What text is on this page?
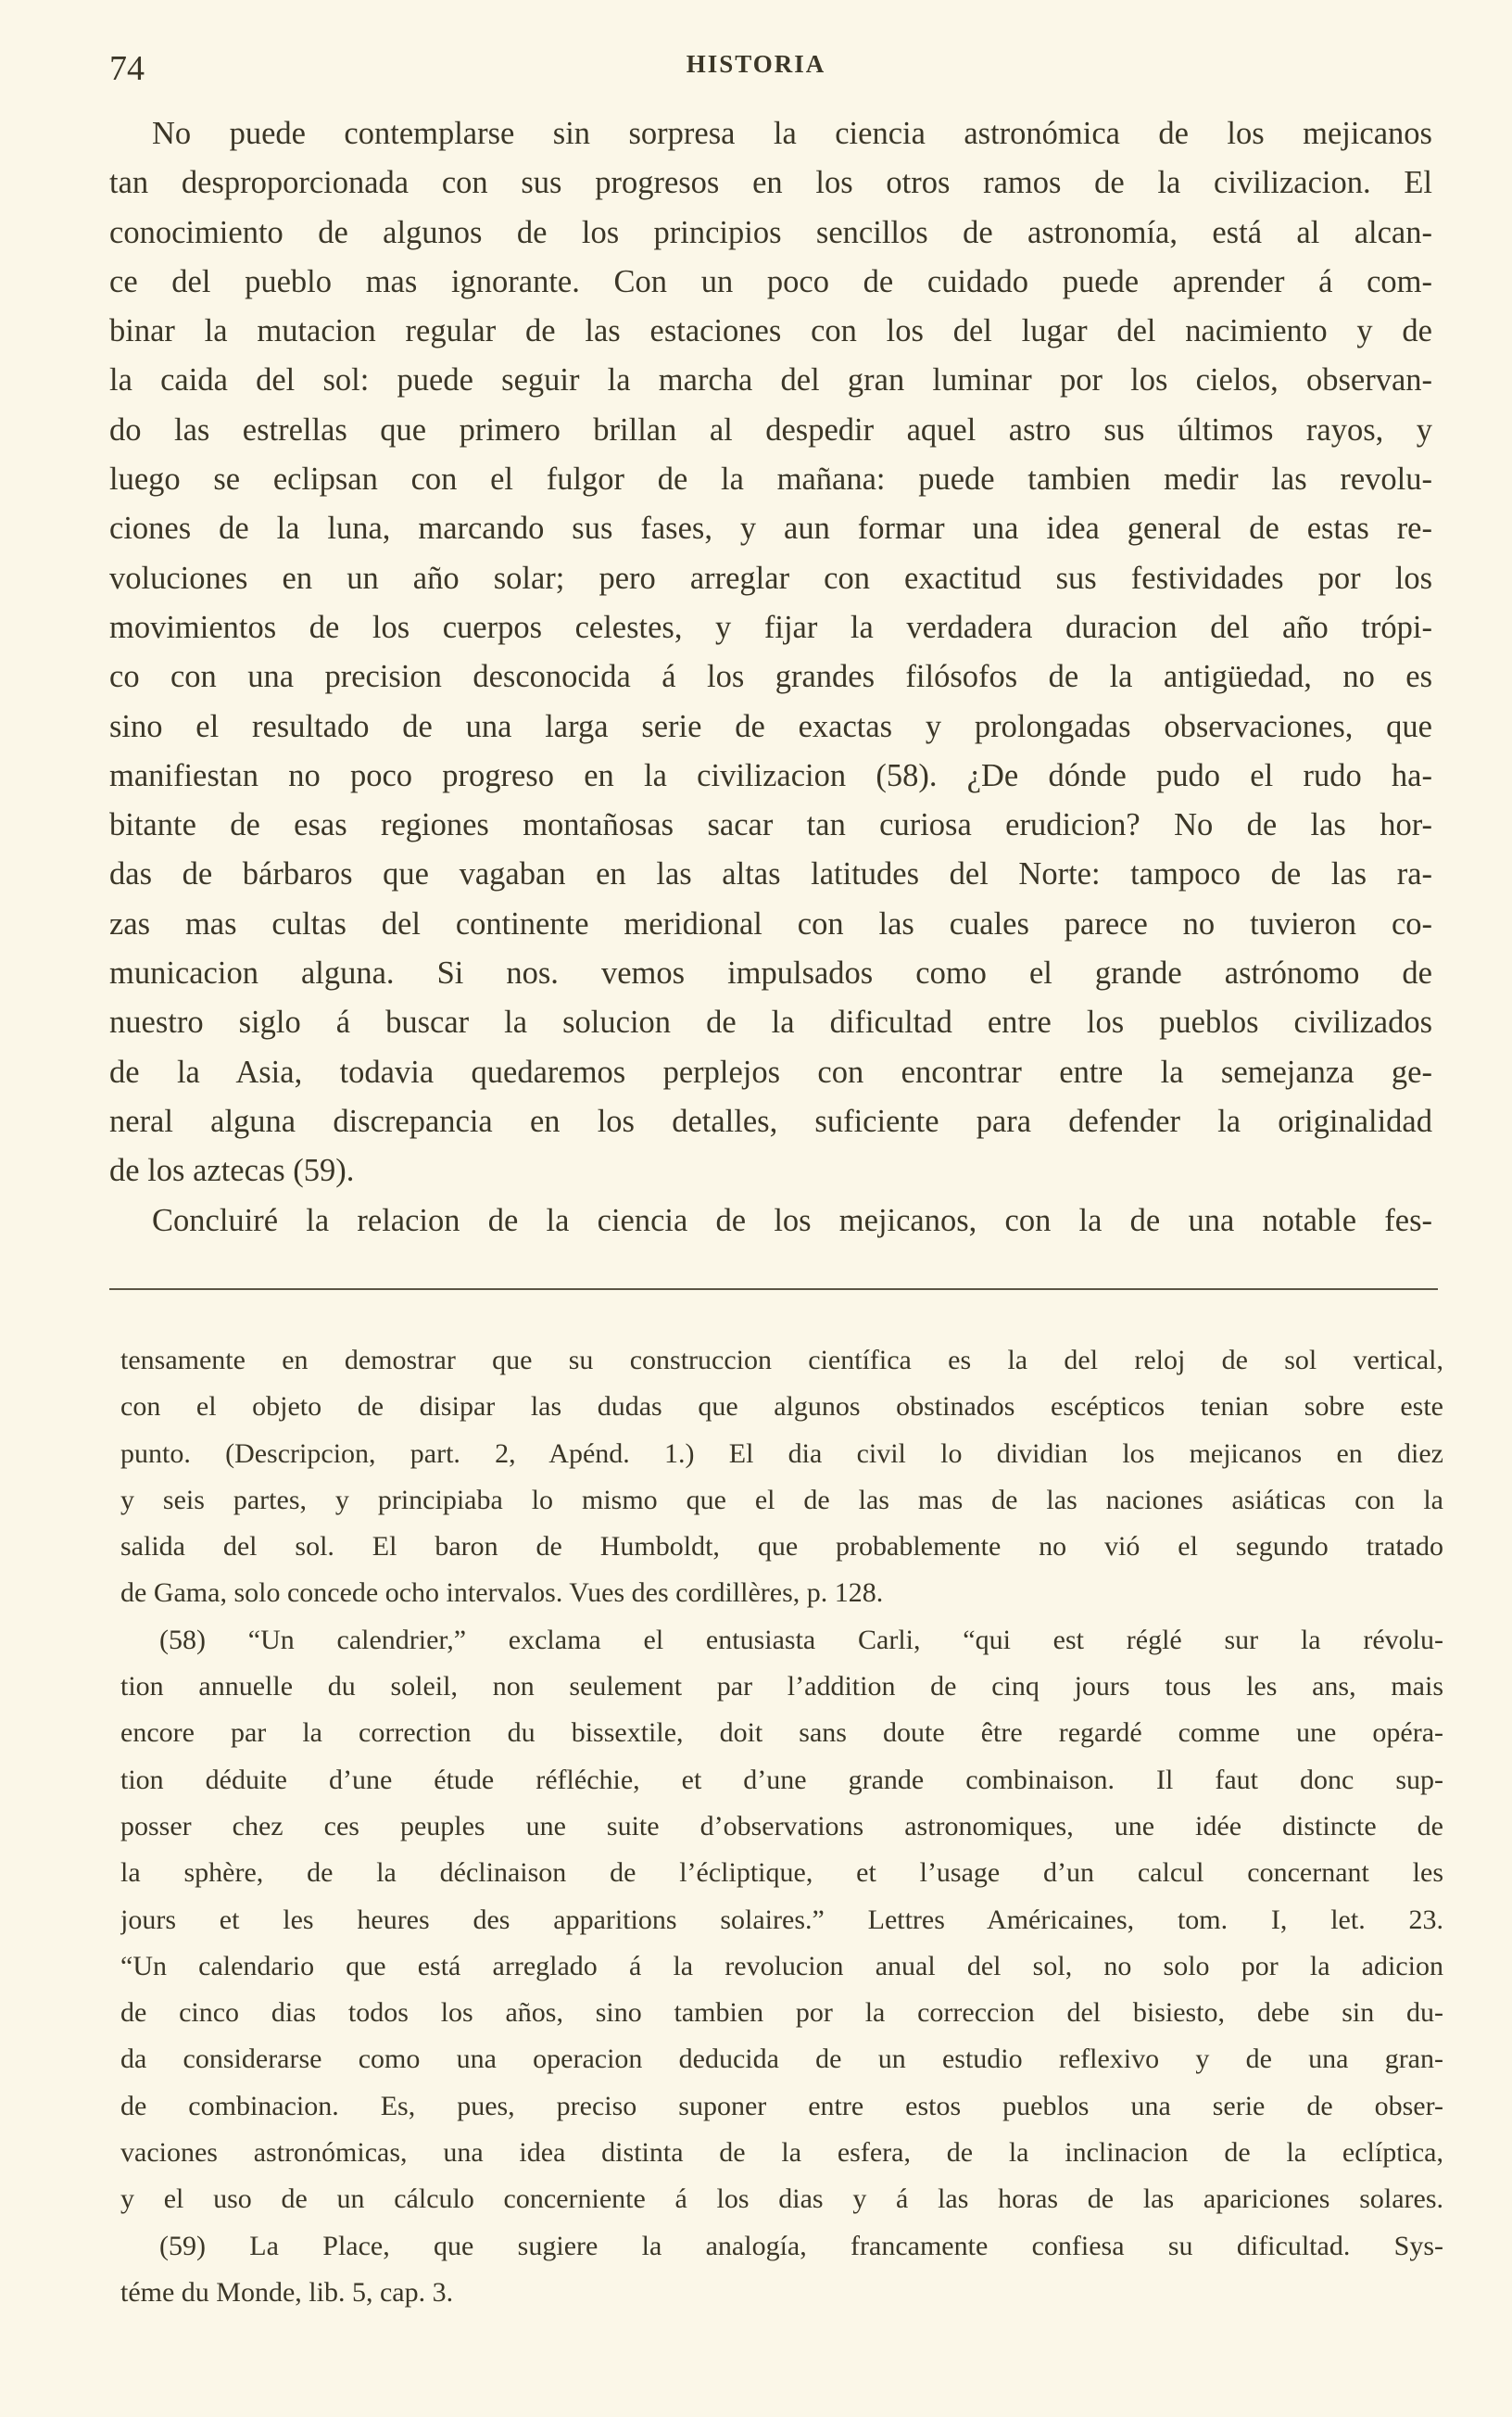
74	HISTORIA
No puede contemplarse sin sorpresa la ciencia astronómica de los mejicanos
tan desproporcionada con sus progresos en los otros ramos de la civilizacion. El
conocimiento de algunos de los principios sencillos de astronomía, está al alcan-
ce del pueblo mas ignorante. Con un poco de cuidado puede aprender á com-
binar la mutacion regular de las estaciones con los del lugar del nacimiento y de
la caida del sol: puede seguir la marcha del gran luminar por los cielos, observan-
do las estrellas que primero brillan al despedir aquel astro sus últimos rayos, y
luego se eclipsan con el fulgor de la mañana: puede tambien medir las revolu-
ciones de la luna, marcando sus fases, y aun formar una idea general de estas re-
voluciones en un año solar; pero arreglar con exactitud sus festividades por los
movimientos de los cuerpos celestes, y fijar la verdadera duracion del año trópi-
co con una precision desconocida á los grandes filósofos de la antigüedad, no es
sino el resultado de una larga serie de exactas y prolongadas observaciones, que
manifiestan no poco progreso en la civilizacion (58). ¿De dónde pudo el rudo ha-
bitante de esas regiones montañosas sacar tan curiosa erudicion? No de las hor-
das de bárbaros que vagaban en las altas latitudes del Norte: tampoco de las ra-
zas mas cultas del continente meridional con las cuales parece no tuvieron co-
municacion alguna. Si nos. vemos impulsados como el grande astrónomo de
nuestro siglo á buscar la solucion de la dificultad entre los pueblos civilizados
de la Asia, todavia quedaremos perplejos con encontrar entre la semejanza ge-
neral alguna discrepancia en los detalles, suficiente para defender la originalidad
de los aztecas (59).
Concluiré la relacion de la ciencia de los mejicanos, con la de una notable fes-
tensamente en demostrar que su construccion científica es la del reloj de sol vertical,
con el objeto de disipar las dudas que algunos obstinados escépticos tenian sobre este
punto. (Descripcion, part. 2, Apénd. 1.) El dia civil lo dividian los mejicanos en diez
y seis partes, y principiaba lo mismo que el de las mas de las naciones asiáticas con la
salida del sol. El baron de Humboldt, que probablemente no vió el segundo tratado
de Gama, solo concede ocho intervalos. Vues des cordillères, p. 128.
(58) “Un calendrier,” exclama el entusiasta Carli, “qui est réglé sur la révolu-
tion annuelle du soleil, non seulement par l’addition de cinq jours tous les ans, mais
encore par la correction du bissextile, doit sans doute être regardé comme une opéra-
tion déduite d’une étude réfléchie, et d’une grande combinaison. Il faut donc sup-
posser chez ces peuples une suite d’observations astronomiques, une idée distincte de
la sphère, de la déclinaison de l’écliptique, et l’usage d’un calcul concernant les
jours et les heures des apparitions solaires.” Lettres Américaines, tom. I, let. 23.
“Un calendario que está arreglado á la revolucion anual del sol, no solo por la adicion
de cinco dias todos los años, sino tambien por la correccion del bisiesto, debe sin du-
da considerarse como una operacion deducida de un estudio reflexivo y de una gran-
de combinacion. Es, pues, preciso suponer entre estos pueblos una serie de obser-
vaciones astronómicas, una idea distinta de la esfera, de la inclinacion de la eclíptica,
y el uso de un cálculo concerniente á los dias y á las horas de las apariciones solares.
(59) La Place, que sugiere la analogía, francamente confiesa su dificultad. Sys-
téme du Monde, lib. 5, cap. 3.
